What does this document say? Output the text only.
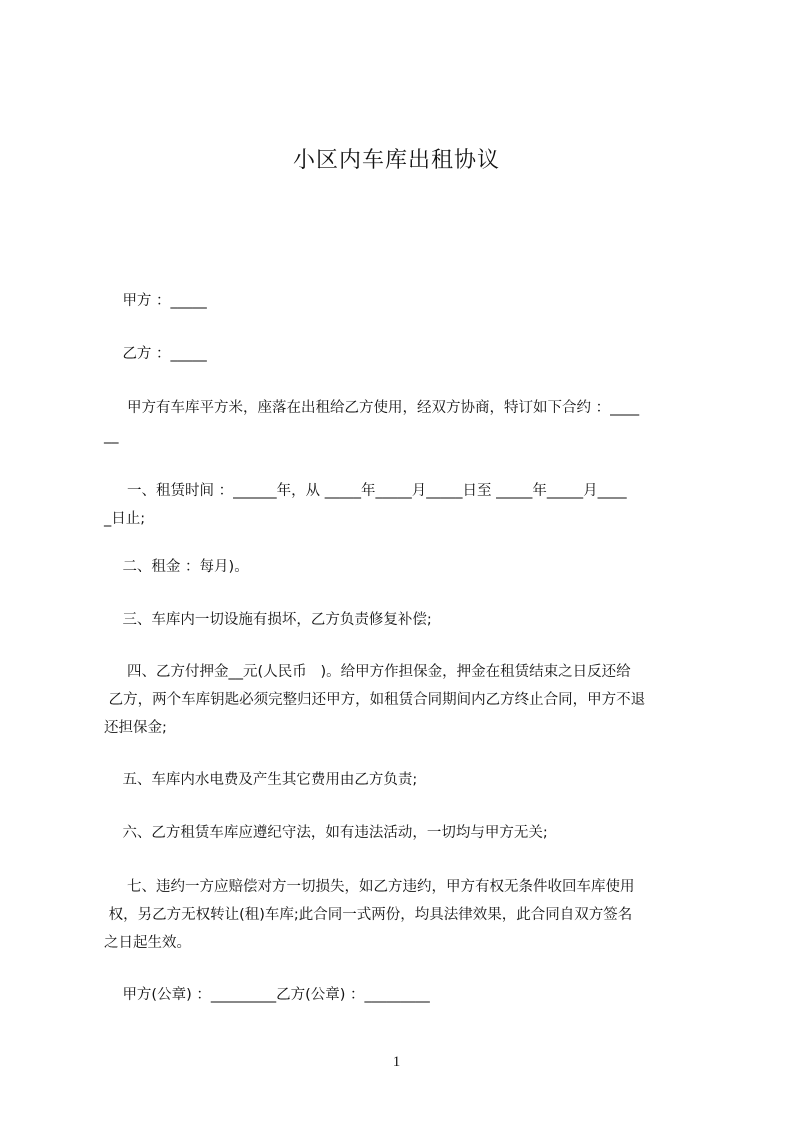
小区内车库出租协议
甲方 ：_____
乙方 ：_____
甲方有车库平方米，座落在出租给乙方使用，经双方协商，特订如下合约 ：____
__
一、租赁时间 ：______年，从 _____年_____月_____日至 _____年_____月____
_日止;
二、租金 ：每月)。
三、车库内一切设施有损坏，乙方负责修复补偿;
四、乙方付押金__元(人民币   )。给甲方作担保金，押金在租赁结束之日反还给
乙方，两个车库钥匙必须完整归还甲方，如租赁合同期间内乙方终止合同，甲方不退
还担保金;
五、车库内水电费及产生其它费用由乙方负责;
六、乙方租赁车库应遵纪守法，如有违法活动，一切均与甲方无关;
七、违约一方应赔偿对方一切损失，如乙方违约，甲方有权无条件收回车库使用
权，另乙方无权转让(租)车库;此合同一式两份，均具法律效果，此合同自双方签名
之日起生效。
甲方(公章) ：_________乙方(公章) ：_________
1
